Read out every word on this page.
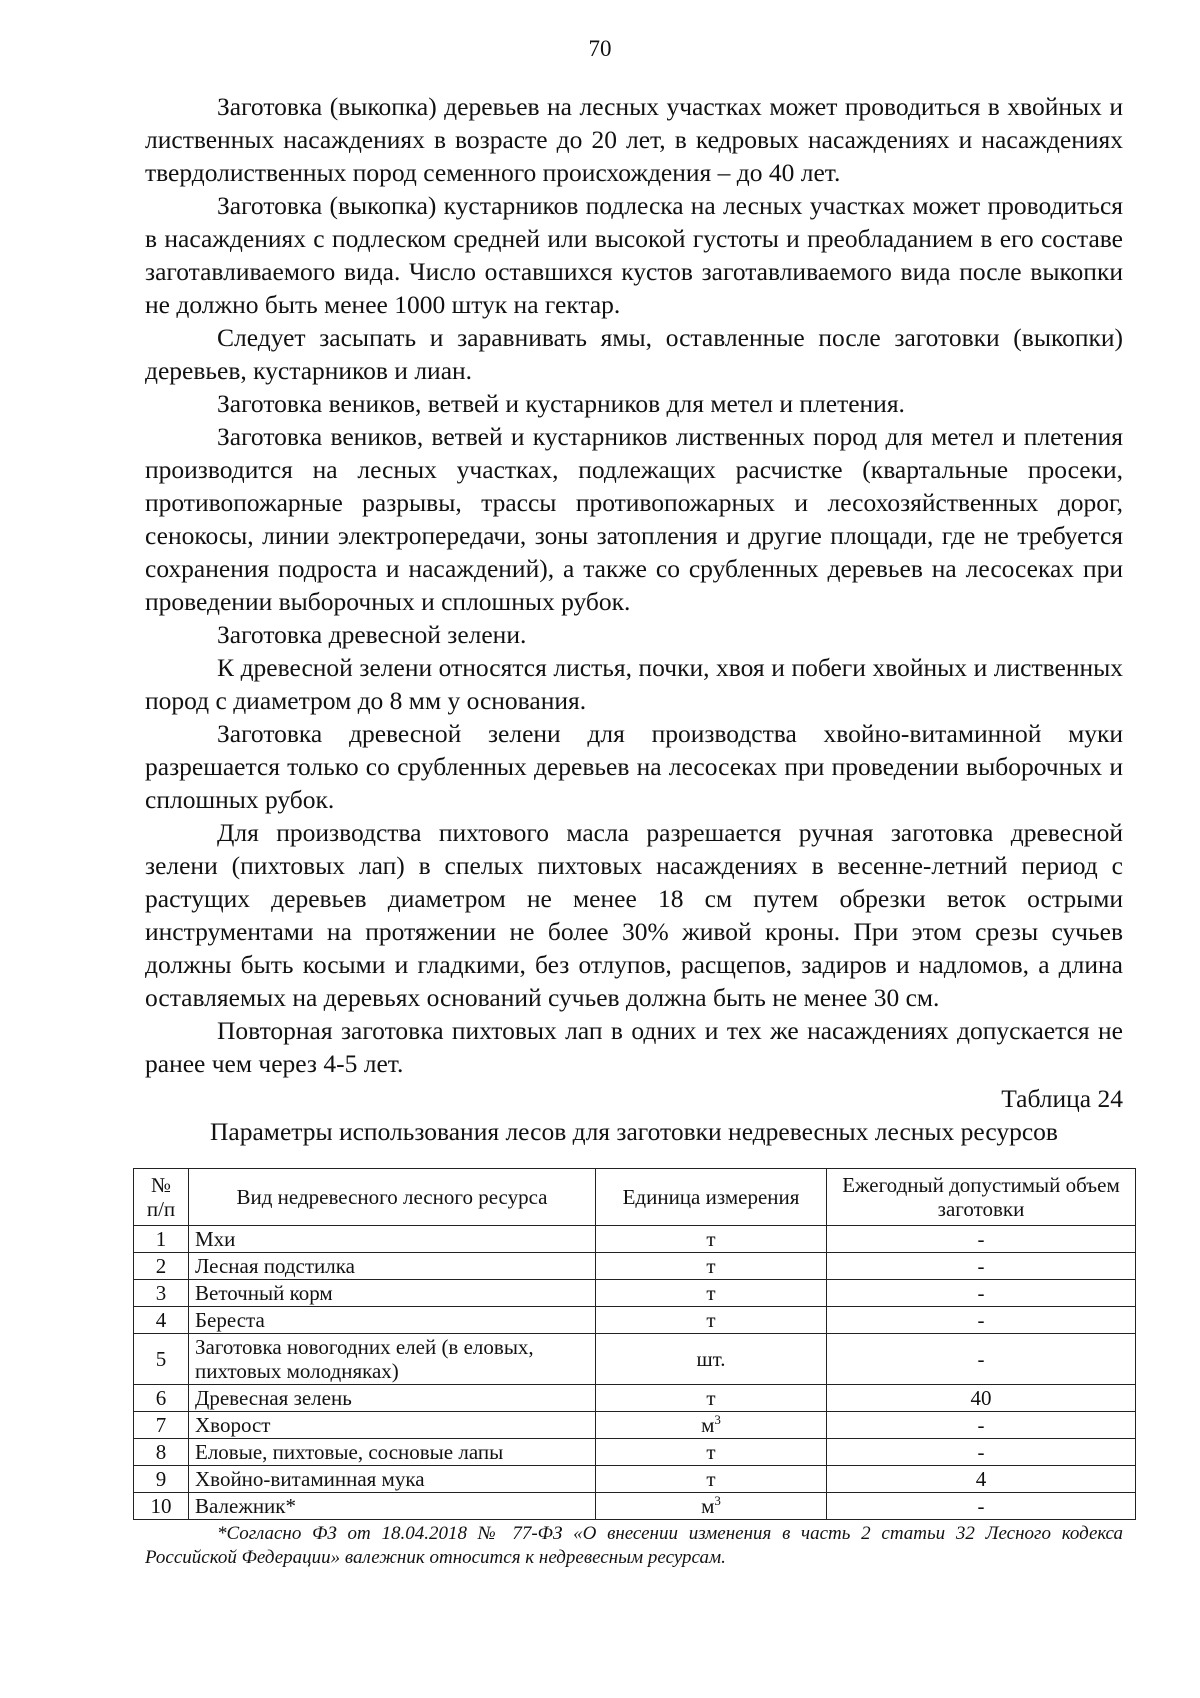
70

Заготовка (выкопка) деревьев на лесных участках может проводиться в хвойных и лиственных насаждениях в возрасте до 20 лет, в кедровых насаждениях и насаждениях твердолиственных пород семенного происхождения – до 40 лет.

Заготовка (выкопка) кустарников подлеска на лесных участках может проводиться в насаждениях с подлеском средней или высокой густоты и преобладанием в его составе заготавливаемого вида. Число оставшихся кустов заготавливаемого вида после выкопки не должно быть менее 1000 штук на гектар.

Следует засыпать и заравнивать ямы, оставленные после заготовки (выкопки) деревьев, кустарников и лиан.

Заготовка веников, ветвей и кустарников для метел и плетения.

Заготовка веников, ветвей и кустарников лиственных пород для метел и плетения производится на лесных участках, подлежащих расчистке (квартальные просеки, противопожарные разрывы, трассы противопожарных и лесохозяйственных дорог, сенокосы, линии электропередачи, зоны затопления и другие площади, где не требуется сохранения подроста и насаждений), а также со срубленных деревьев на лесосеках при проведении выборочных и сплошных рубок.

Заготовка древесной зелени.

К древесной зелени относятся листья, почки, хвоя и побеги хвойных и лиственных пород с диаметром до 8 мм у основания.

Заготовка древесной зелени для производства хвойно-витаминной муки разрешается только со срубленных деревьев на лесосеках при проведении выборочных и сплошных рубок.

Для производства пихтового масла разрешается ручная заготовка древесной зелени (пихтовых лап) в спелых пихтовых насаждениях в весенне-летний период с растущих деревьев диаметром не менее 18 см путем обрезки веток острыми инструментами на протяжении не более 30% живой кроны. При этом срезы сучьев должны быть косыми и гладкими, без отлупов, расщепов, задиров и надломов, а длина оставляемых на деревьях оснований сучьев должна быть не менее 30 см.

Повторная заготовка пихтовых лап в одних и тех же насаждениях допускается не ранее чем через 4-5 лет.

Таблица 24

Параметры использования лесов для заготовки недревесных лесных ресурсов

№ п/п	Вид недревесного лесного ресурса	Единица измерения	Ежегодный допустимый объем заготовки
1	Мхи	т	-
2	Лесная подстилка	т	-
3	Веточный корм	т	-
4	Береста	т	-
5	Заготовка новогодних елей (в еловых, пихтовых молодняках)	шт.	-
6	Древесная зелень	т	40
7	Хворост	$м^3$	-
8	Еловые, пихтовые, сосновые лапы	т	-
9	Хвойно-витаминная мука	т	4
10	Валежник*	$м^3$	-

*Согласно ФЗ от 18.04.2018 № 77-ФЗ «О внесении изменения в часть 2 статьи 32 Лесного кодекса Российской Федерации» валежник относится к недревесным ресурсам.
